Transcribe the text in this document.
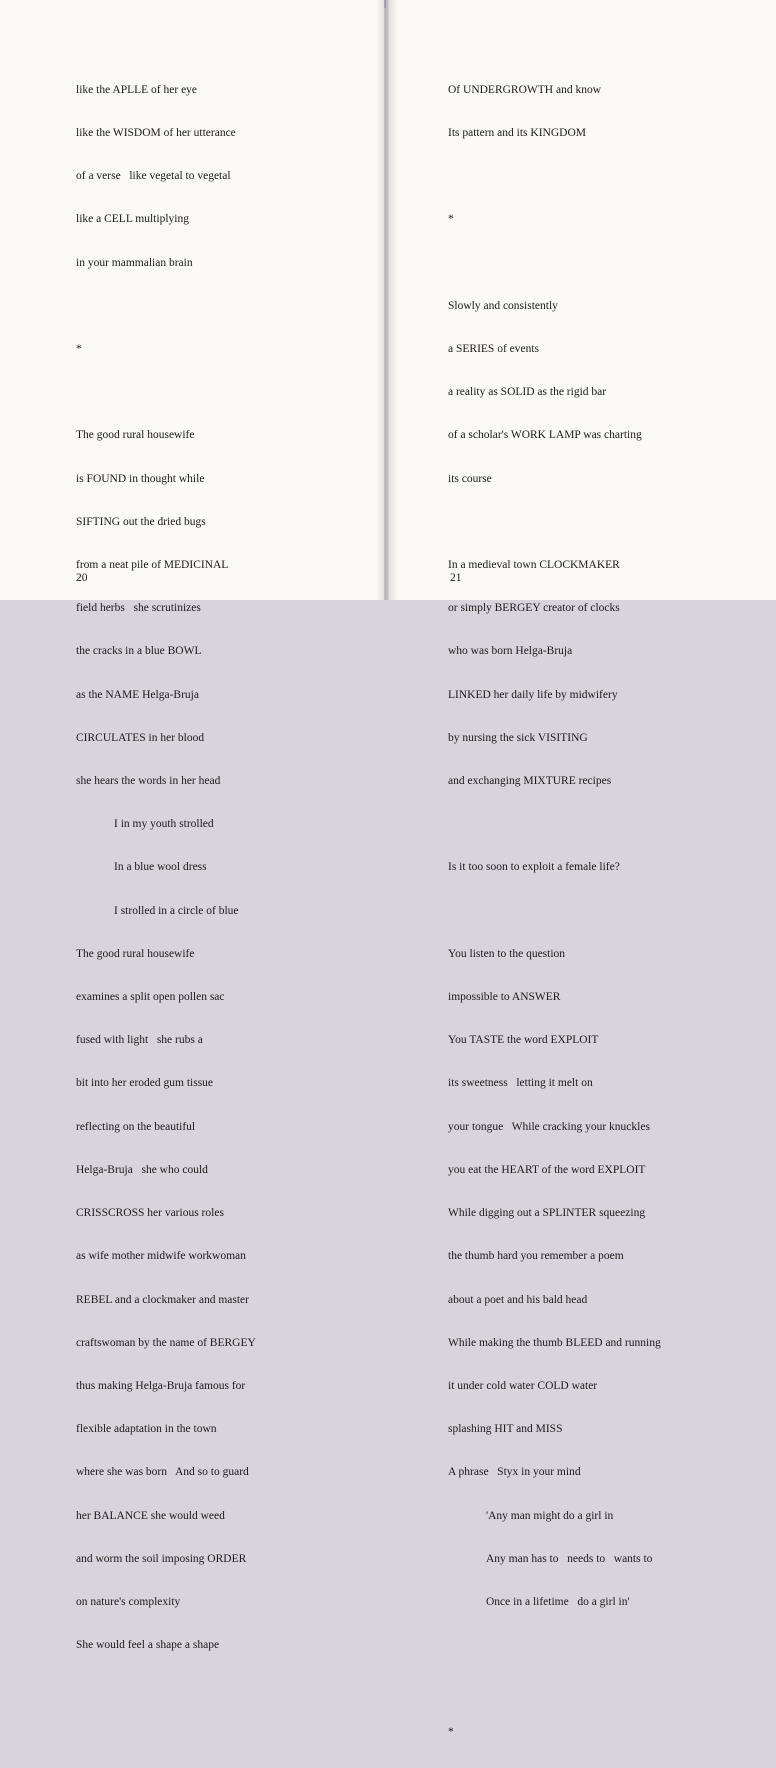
like the APLLE of her eye

like the WISDOM of her utterance

of a verse   like vegetal to vegetal

like a CELL multiplying

in your mammalian brain

*

The good rural housewife

is FOUND in thought while

SIFTING out the dried bugs

from a neat pile of MEDICINAL

field herbs   she scrutinizes

the cracks in a blue BOWL

as the NAME Helga-Bruja

CIRCULATES in her blood

she hears the words in her head

I in my youth strolled

In a blue wool dress

I strolled in a circle of blue

The good rural housewife

examines a split open pollen sac

fused with light   she rubs a

bit into her eroded gum tissue

reflecting on the beautiful

Helga-Bruja   she who could

CRISSCROSS her various roles

as wife mother midwife workwoman

REBEL and a clockmaker and master

craftswoman by the name of BERGEY

thus making Helga-Bruja famous for

flexible adaptation in the town

where she was born   And so to guard

her BALANCE she would weed

and worm the soil imposing ORDER

on nature's complexity

She would feel a shape a shape

Of UNDERGROWTH and know

Its pattern and its KINGDOM

*

Slowly and consistently

a SERIES of events

a reality as SOLID as the rigid bar

of a scholar's WORK LAMP was charting

its course

In a medieval town CLOCKMAKER

or simply BERGEY creator of clocks

who was born Helga-Bruja

LINKED her daily life by midwifery

by nursing the sick VISITING

and exchanging MIXTURE recipes

Is it too soon to exploit a female life?

You listen to the question

impossible to ANSWER

You TASTE the word EXPLOIT

its sweetness   letting it melt on

your tongue   While cracking your knuckles

you eat the HEART of the word EXPLOIT

While digging out a SPLINTER squeezing

the thumb hard you remember a poem

about a poet and his bald head

While making the thumb BLEED and running

it under cold water COLD water

splashing HIT and MISS

A phrase   Styx in your mind

'Any man might do a girl in

Any man has to   needs to   wants to

Once in a lifetime   do a girl in'

*

20	21
